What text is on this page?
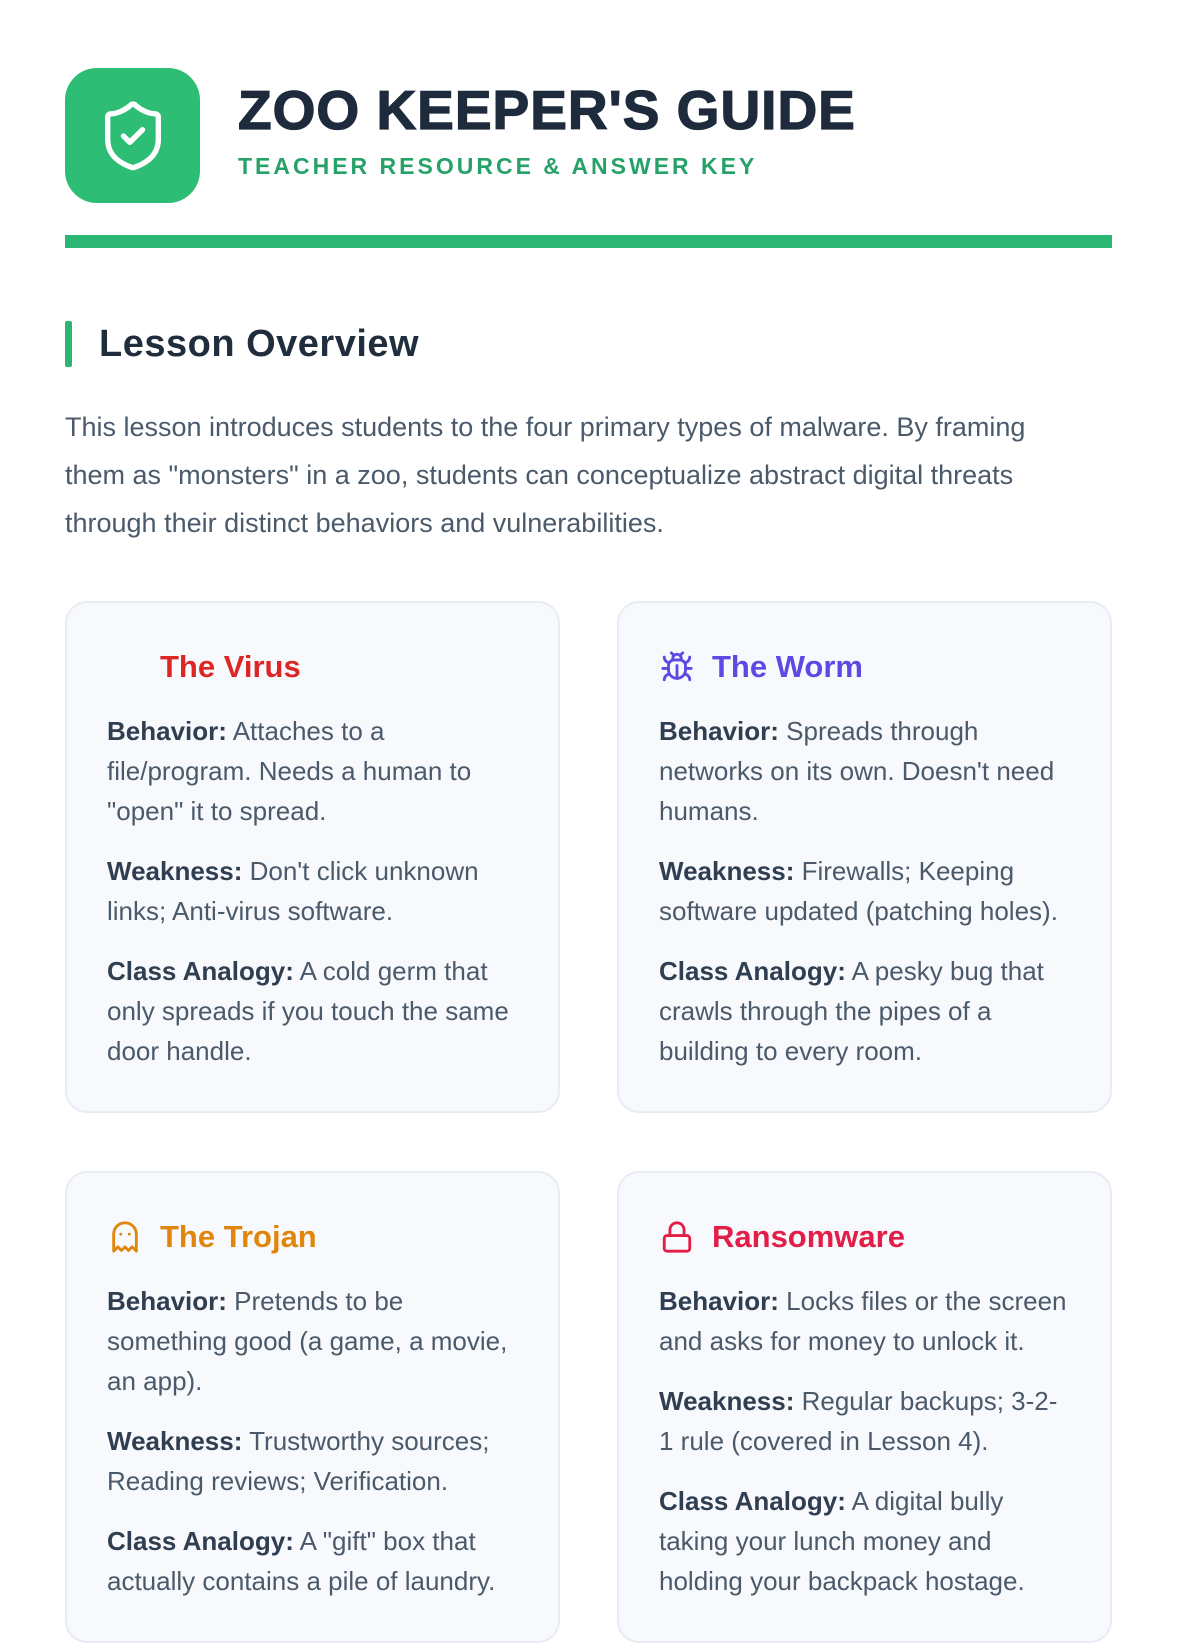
ZOO KEEPER'S GUIDE
TEACHER RESOURCE & ANSWER KEY
Lesson Overview

This lesson introduces students to the four primary types of malware. By framing them as "monsters" in a zoo, students can conceptualize abstract digital threats through their distinct behaviors and vulnerabilities.

The Virus

Behavior: Attaches to a file/program. Needs a human to "open" it to spread.

Weakness: Don't click unknown links; Anti-virus software.

Class Analogy: A cold germ that only spreads if you touch the same door handle.

The Worm

Behavior: Spreads through networks on its own. Doesn't need humans.

Weakness: Firewalls; Keeping software updated (patching holes).

Class Analogy: A pesky bug that crawls through the pipes of a building to every room.

The Trojan

Behavior: Pretends to be something good (a game, a movie, an app).

Weakness: Trustworthy sources; Reading reviews; Verification.

Class Analogy: A "gift" box that actually contains a pile of laundry.

Ransomware

Behavior: Locks files or the screen and asks for money to unlock it.

Weakness: Regular backups; 3-2-1 rule (covered in Lesson 4).

Class Analogy: A digital bully taking your lunch money and holding your backpack hostage.
